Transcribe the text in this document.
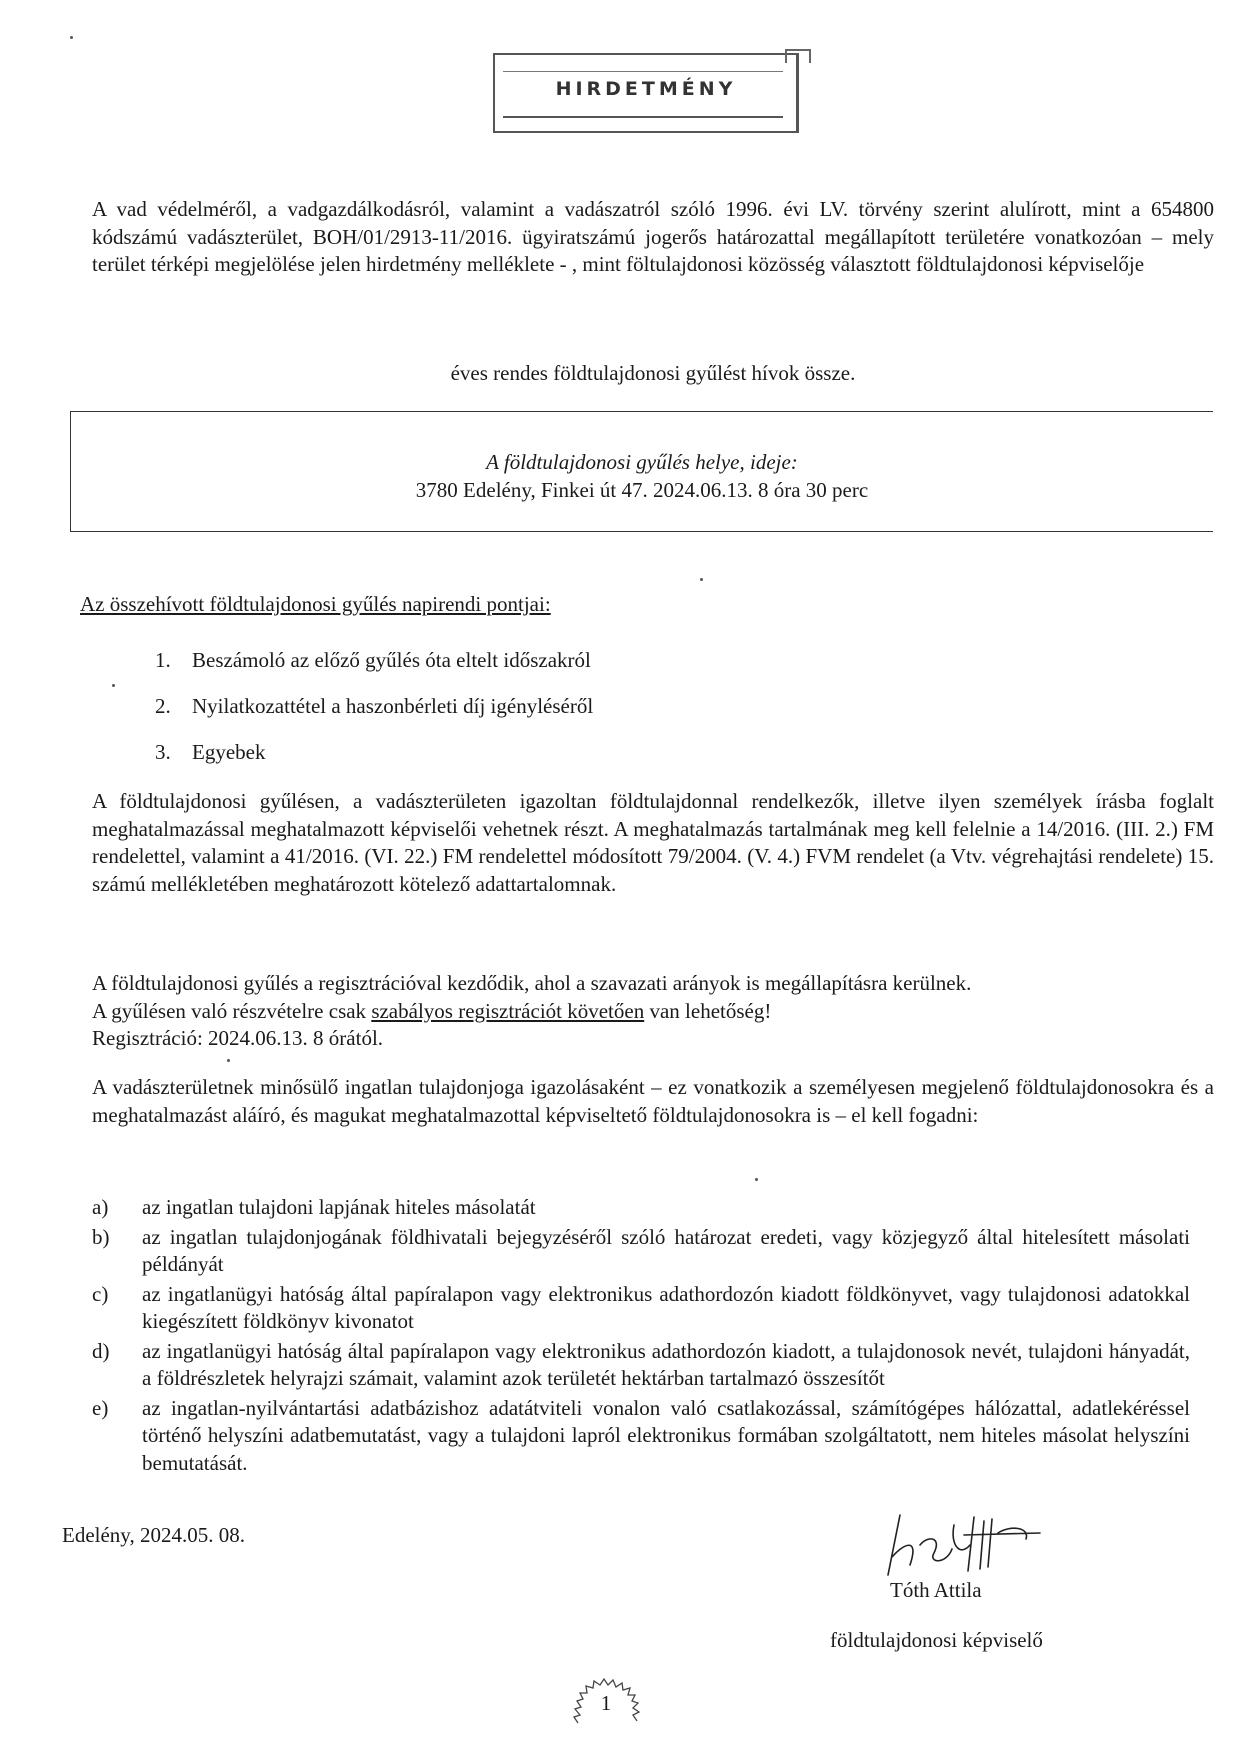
HIRDETMÉNY
A vad védelméről, a vadgazdálkodásról, valamint a vadászatról szóló 1996. évi LV. törvény szerint alulírott, mint a 654800 kódszámú vadászterület, BOH/01/2913-11/2016. ügyiratszámú jogerős határozattal megállapított területére vonatkozóan – mely terület térképi megjelölése jelen hirdetmény melléklete - , mint föltulajdonosi közösség választott földtulajdonosi képviselője
éves rendes földtulajdonosi gyűlést hívok össze.
A földtulajdonosi gyűlés helye, ideje:
3780 Edelény, Finkei út 47. 2024.06.13. 8 óra 30 perc
Az összehívott földtulajdonosi gyűlés napirendi pontjai:
1. Beszámoló az előző gyűlés óta eltelt időszakról
2. Nyilatkozattétel a haszonbérleti díj igényléséről
3. Egyebek
A földtulajdonosi gyűlésen, a vadászterületen igazoltan földtulajdonnal rendelkezők, illetve ilyen személyek írásba foglalt meghatalmazással meghatalmazott képviselői vehetnek részt. A meghatalmazás tartalmának meg kell felelnie a 14/2016. (III. 2.) FM rendelettel, valamint a 41/2016. (VI. 22.) FM rendelettel módosított 79/2004. (V. 4.) FVM rendelet (a Vtv. végrehajtási rendelete) 15. számú mellékletében meghatározott kötelező adattartalomnak.
A földtulajdonosi gyűlés a regisztrációval kezdődik, ahol a szavazati arányok is megállapításra kerülnek.
A gyűlésen való részvételre csak szabályos regisztrációt követően van lehetőség!
Regisztráció: 2024.06.13. 8 órától.
A vadászterületnek minősülő ingatlan tulajdonjoga igazolásaként – ez vonatkozik a személyesen megjelenő földtulajdonosokra és a meghatalmazást aláíró, és magukat meghatalmazottal képviseltető földtulajdonosokra is – el kell fogadni:
a)	az ingatlan tulajdoni lapjának hiteles másolatát
b)	az ingatlan tulajdonjogának földhivatali bejegyzéséről szóló határozat eredeti, vagy közjegyző által hitelesített másolati példányát
c)	az ingatlanügyi hatóság által papíralapon vagy elektronikus adathordozón kiadott földkönyvet, vagy tulajdonosi adatokkal kiegészített földkönyv kivonatot
d)	az ingatlanügyi hatóság által papíralapon vagy elektronikus adathordozón kiadott, a tulajdonosok nevét, tulajdoni hányadát, a földrészletek helyrajzi számait, valamint azok területét hektárban tartalmazó összesítőt
e)	az ingatlan-nyilvántartási adatbázishoz adatátviteli vonalon való csatlakozással, számítógépes hálózattal, adatlekéréssel történő helyszíni adatbemutatást, vagy a tulajdoni lapról elektronikus formában szolgáltatott, nem hiteles másolat helyszíni bemutatását.
Edelény, 2024.05. 08.
Tóth Attila
földtulajdonosi képviselő
1
